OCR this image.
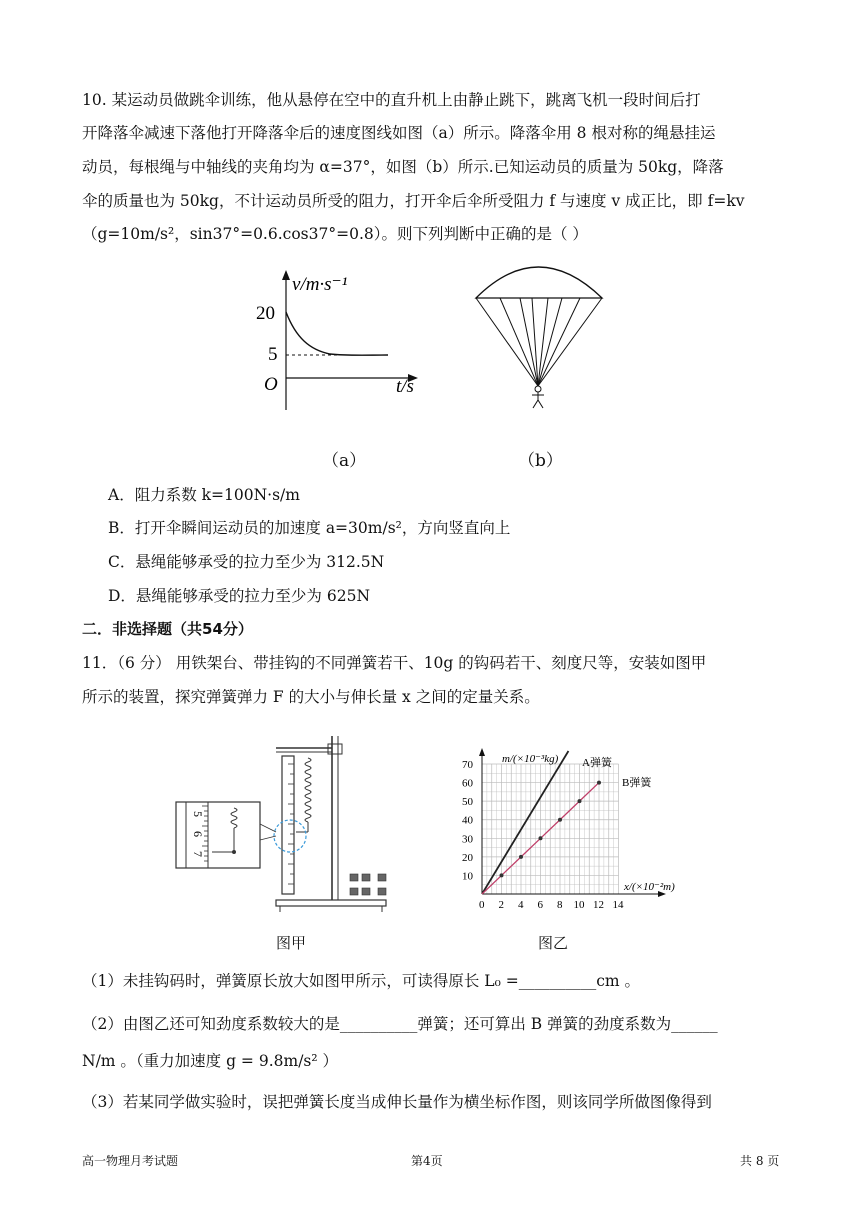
10. 某运动员做跳伞训练，他从悬停在空中的直升机上由静止跳下，跳离飞机一段时间后打
开降落伞减速下落他打开降落伞后的速度图线如图（a）所示。降落伞用 8 根对称的绳悬挂运
动员，每根绳与中轴线的夹角均为 α=37°，如图（b）所示.已知运动员的质量为 50kg，降落
伞的质量也为 50kg，不计运动员所受的阻力，打开伞后伞所受阻力 f 与速度 v 成正比，即 f=kv
（g=10m/s²，sin37°=0.6.cos37°=0.8）。则下列判断中正确的是（ ）
v/m·s⁻¹
20
5
O	t/s
（a）	（b）
A．阻力系数 k=100N·s/m
B．打开伞瞬间运动员的加速度 a=30m/s²，方向竖直向上
C．悬绳能够承受的拉力至少为 312.5N
D．悬绳能够承受的拉力至少为 625N
二．非选择题（共54分）
11．（6 分） 用铁架台、带挂钩的不同弹簧若干、10g 的钩码若干、刻度尺等，安装如图甲
所示的装置，探究弹簧弹力 F 的大小与伸长量 x 之间的定量关系。
5
6
7
图甲
m/(×10⁻³kg)
x/(×10⁻²m)
10
20
30
40
50
60
70
0 2 4 6 8 10 12 14
A弹簧
B弹簧
图乙
（1）未挂钩码时，弹簧原长放大如图甲所示，可读得原长 L₀ =__________cm 。
（2）由图乙还可知劲度系数较大的是__________弹簧；还可算出 B 弹簧的劲度系数为______
N/m 。（重力加速度 g = 9.8m/s² ）
（3）若某同学做实验时，误把弹簧长度当成伸长量作为横坐标作图，则该同学所做图像得到
高一物理月考试题	第4页	共 8 页
